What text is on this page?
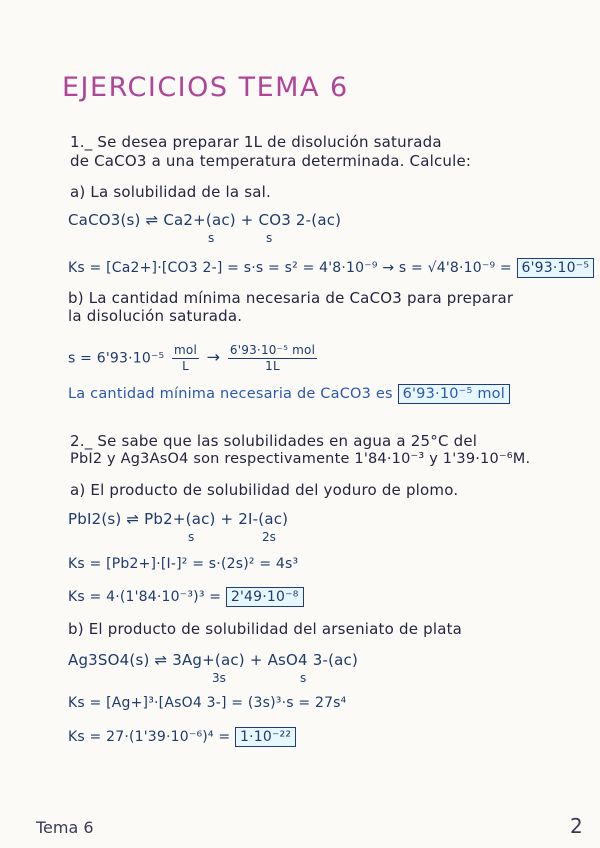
EJERCICIOS TEMA 6
1._ Se desea preparar 1L de disolución saturada
de CaCO3 a una temperatura determinada. Calcule:
a) La solubilidad de la sal.
CaCO3(s) ⇌ Ca2+(ac) + CO3 2-(ac)
s	s
Ks = [Ca2+]·[CO3 2-] = s·s = s² = 4'8·10⁻⁹ → s = √4'8·10⁻⁹ = 6'93·10⁻⁵
b) La cantidad mínima necesaria de CaCO3 para preparar
la disolución saturada.
$s = 6'93\cdot 10^{-5} \frac{\text{mol}}{L} \to \frac{\text{6'93·10⁻⁵ mol}}{1L}$
La cantidad mínima necesaria de CaCO3 es 6'93·10⁻⁵ mol
2._ Se sabe que las solubilidades en agua a 25°C del
PbI2 y Ag3AsO4 son respectivamente 1'84·10⁻³ y 1'39·10⁻⁶M.
a) El producto de solubilidad del yoduro de plomo.
PbI2(s) ⇌ Pb2+(ac) + 2I-(ac)
s	2s
Ks = [Pb2+]·[I-]² = s·(2s)² = 4s³
Ks = 4·(1'84·10⁻³)³ = 2'49·10⁻⁸
b) El producto de solubilidad del arseniato de plata
Ag3SO4(s) ⇌ 3Ag+(ac) + AsO4 3-(ac)
3s	s
Ks = [Ag+]³·[AsO4 3-] = (3s)³·s = 27s⁴
Ks = 27·(1'39·10⁻⁶)⁴ = 1·10⁻²²
Tema 6	2
